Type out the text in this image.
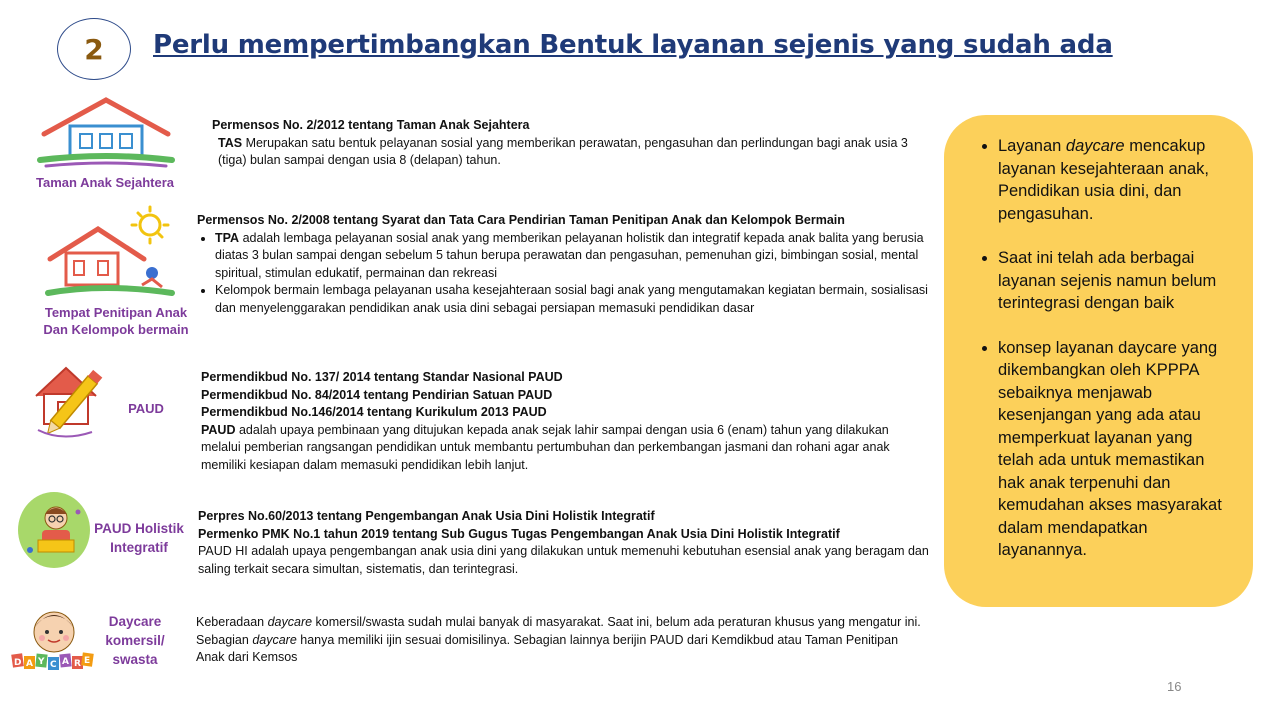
2	Perlu mempertimbangkan Bentuk layanan sejenis yang sudah ada
Taman Anak Sejahtera
Permensos No. 2/2012 tentang Taman Anak Sejahtera

TAS Merupakan satu bentuk pelayanan sosial yang memberikan perawatan, pengasuhan dan perlindungan bagi anak usia 3 (tiga) bulan sampai dengan usia 8 (delapan) tahun.

Tempat Penitipan Anak
Dan Kelompok bermain
Permensos No. 2/2008 tentang Syarat dan Tata Cara Pendirian Taman Penitipan Anak dan Kelompok Bermain
• TPA adalah lembaga pelayanan sosial anak yang memberikan pelayanan holistik dan integratif kepada anak balita yang berusia diatas 3 bulan sampai dengan sebelum 5 tahun berupa perawatan dan pengasuhan, pemenuhan gizi, bimbingan sosial, mental spiritual, stimulan edukatif, permainan dan rekreasi
• Kelompok bermain lembaga pelayanan usaha kesejahteraan sosial bagi anak yang mengutamakan kegiatan bermain, sosialisasi dan menyelenggarakan pendidikan anak usia dini sebagai persiapan memasuki pendidikan dasar
PAUD
Permendikbud No. 137/ 2014 tentang Standar Nasional PAUD
Permendikbud No. 84/2014 tentang Pendirian Satuan PAUD
Permendikbud No.146/2014 tentang Kurikulum 2013 PAUD

PAUD adalah upaya pembinaan yang ditujukan kepada anak sejak lahir sampai dengan usia 6 (enam) tahun yang dilakukan melalui pemberian rangsangan pendidikan untuk membantu pertumbuhan dan perkembangan jasmani dan rohani agar anak memiliki kesiapan dalam memasuki pendidikan lebih lanjut.

PAUD Holistik
Integratif
Perpres No.60/2013 tentang Pengembangan Anak Usia Dini Holistik Integratif
Permenko PMK No.1 tahun 2019 tentang Sub Gugus Tugas Pengembangan Anak Usia Dini Holistik Integratif

PAUD HI adalah upaya pengembangan anak usia dini yang dilakukan untuk memenuhi kebutuhan esensial anak yang beragam dan saling terkait secara simultan, sistematis, dan terintegrasi.

D A Y C A R E
Daycare
komersil/
swasta

Keberadaan daycare komersil/swasta sudah mulai banyak di masyarakat. Saat ini, belum ada peraturan khusus yang mengatur ini. Sebagian daycare hanya memiliki ijin sesuai domisilinya. Sebagian lainnya berijin PAUD dari Kemdikbud atau Taman Penitipan Anak dari Kemsos

• Layanan daycare mencakup layanan kesejahteraan anak, Pendidikan usia dini, dan pengasuhan.
• Saat ini telah ada berbagai layanan sejenis namun belum terintegrasi dengan baik
• konsep layanan daycare yang dikembangkan oleh KPPPA sebaiknya menjawab kesenjangan yang ada atau memperkuat layanan yang telah ada untuk memastikan hak anak terpenuhi dan kemudahan akses masyarakat dalam mendapatkan layanannya.
16
